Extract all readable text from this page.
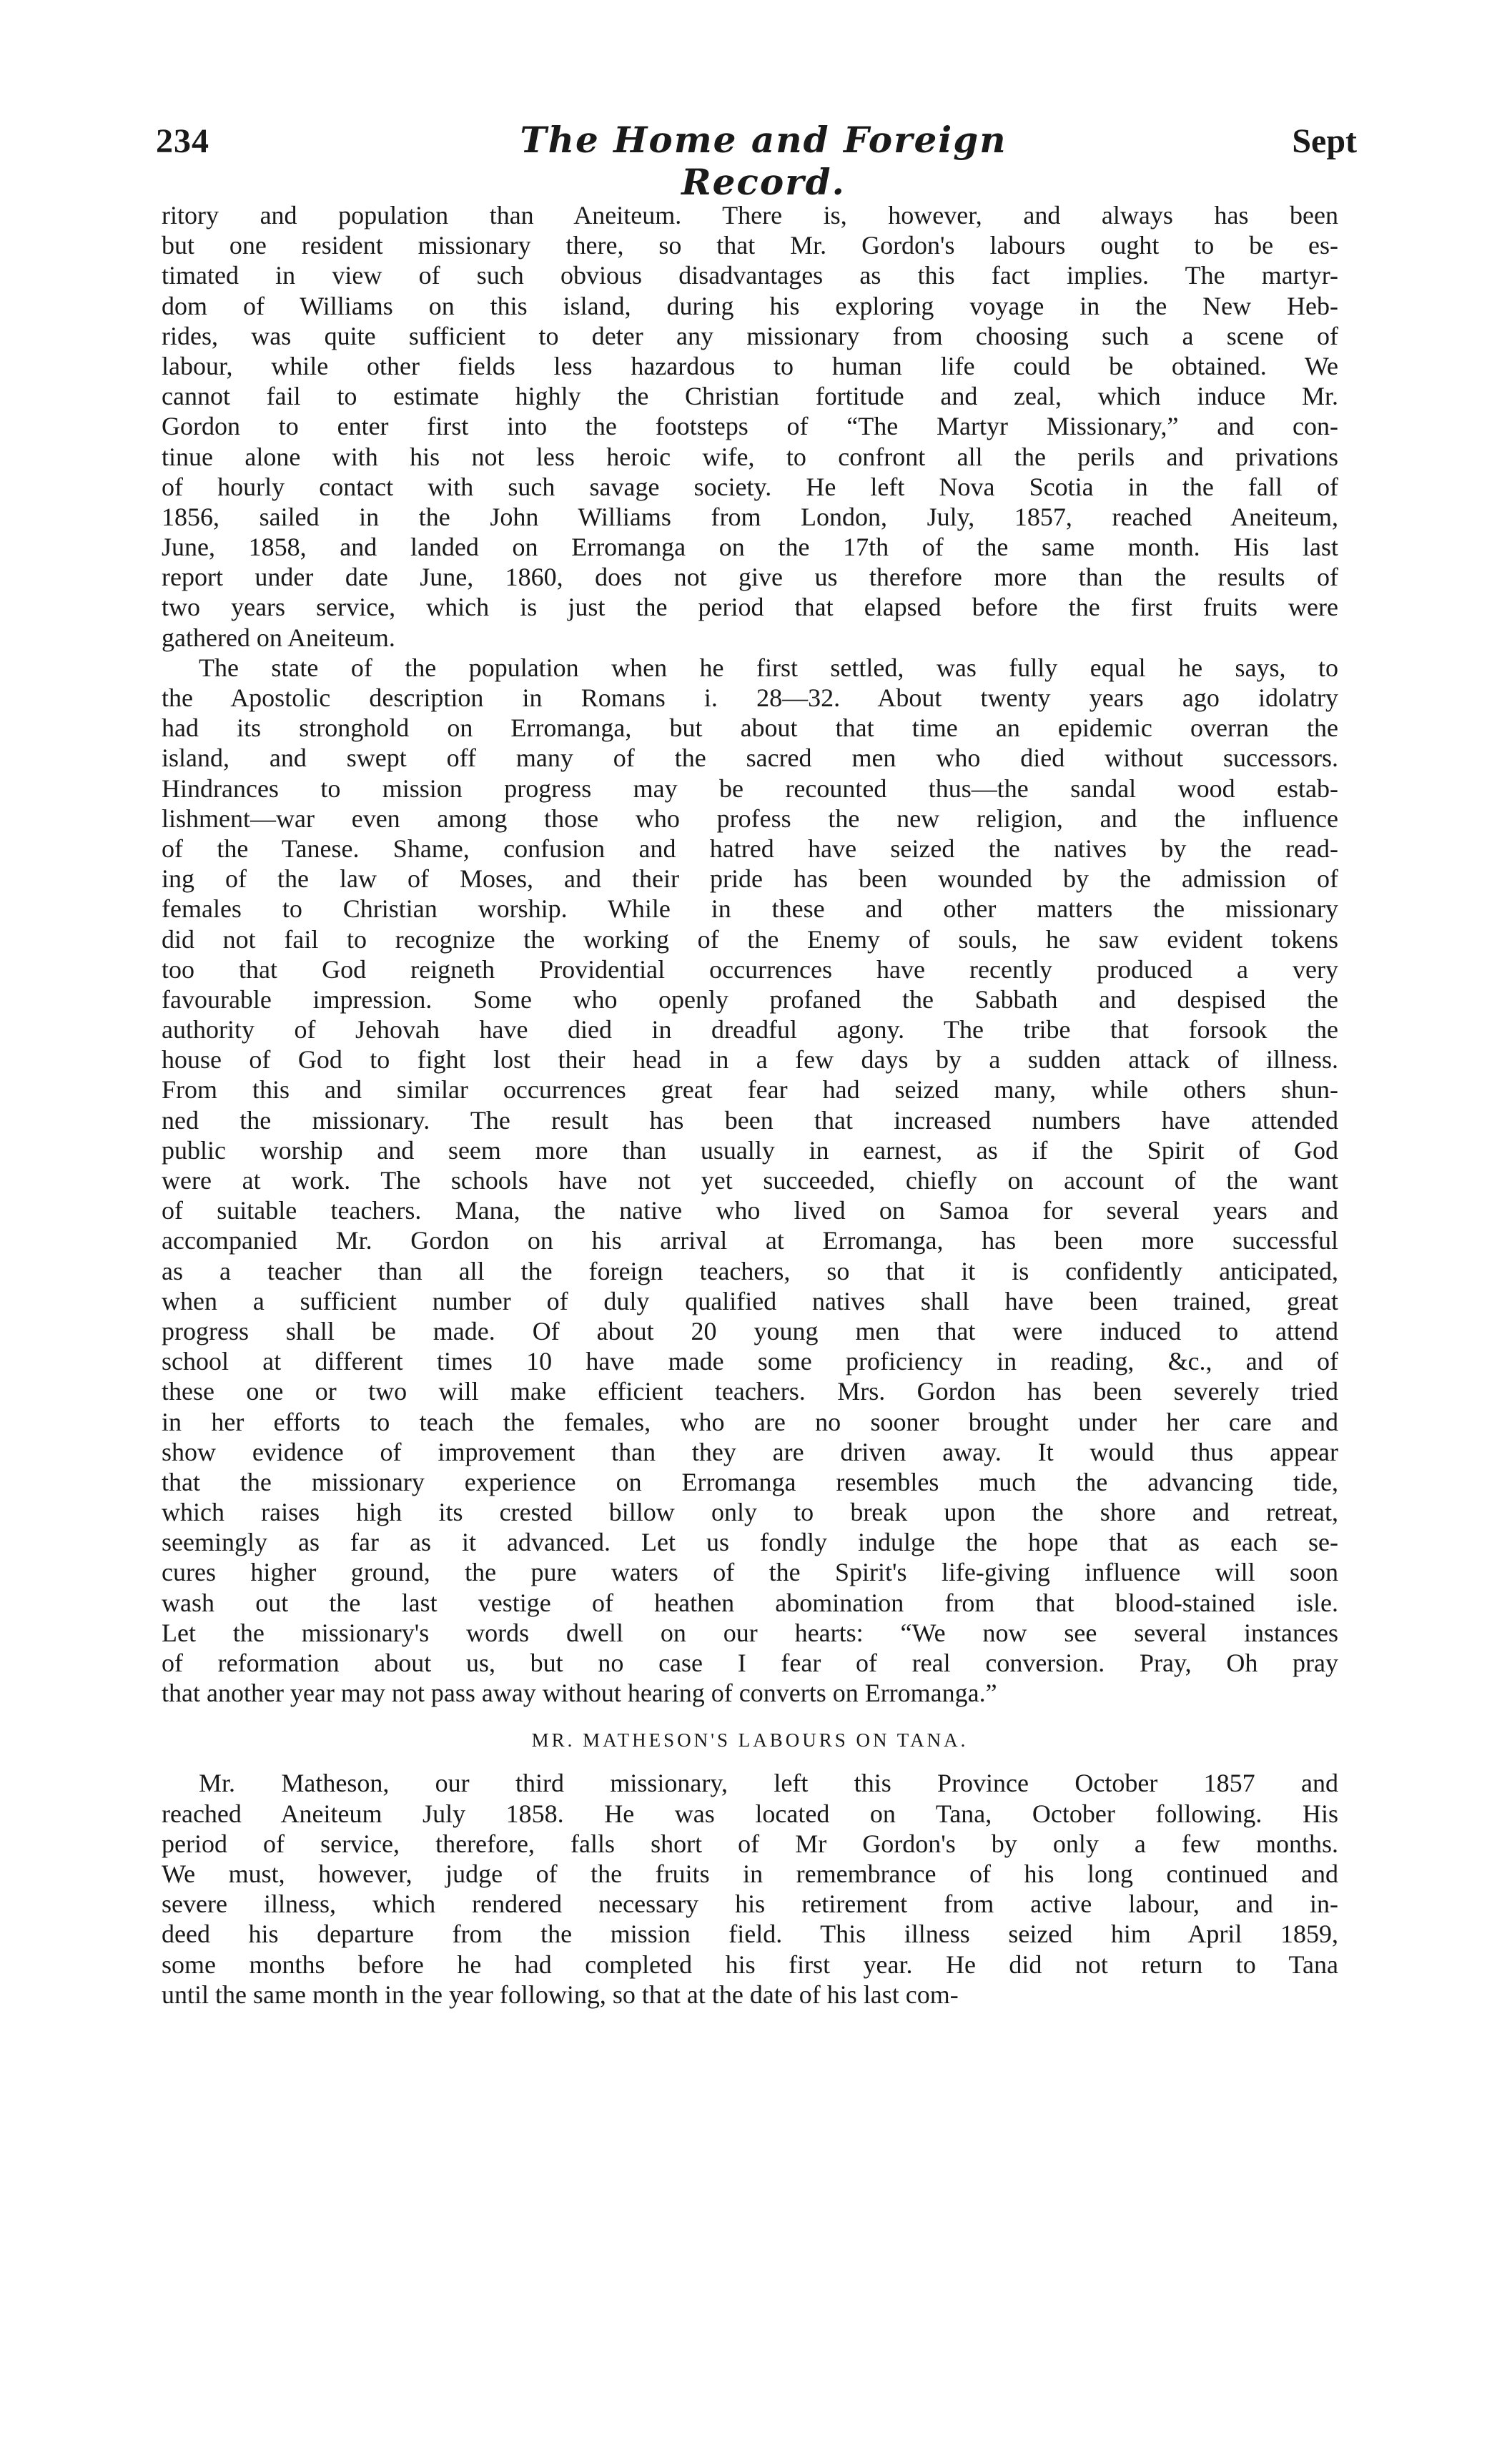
234	The Home and Foreign Record.
Sept
ritory and population than Aneiteum. There is, however, and always has been
but one resident missionary there, so that Mr. Gordon's labours ought to be es-
timated in view of such obvious disadvantages as this fact implies. The martyr-
dom of Williams on this island, during his exploring voyage in the New Heb-
rides, was quite sufficient to deter any missionary from choosing such a scene of
labour, while other fields less hazardous to human life could be obtained. We
cannot fail to estimate highly the Christian fortitude and zeal, which induce Mr.
Gordon to enter first into the footsteps of “The Martyr Missionary,” and con-
tinue alone with his not less heroic wife, to confront all the perils and privations
of hourly contact with such savage society. He left Nova Scotia in the fall of
1856, sailed in the John Williams from London, July, 1857, reached Aneiteum,
June, 1858, and landed on Erromanga on the 17th of the same month. His last
report under date June, 1860, does not give us therefore more than the results of
two years service, which is just the period that elapsed before the first fruits were
gathered on Aneiteum.
The state of the population when he first settled, was fully equal he says, to
the Apostolic description in Romans i. 28—32. About twenty years ago idolatry
had its stronghold on Erromanga, but about that time an epidemic overran the
island, and swept off many of the sacred men who died without successors.
Hindrances to mission progress may be recounted thus—the sandal wood estab-
lishment—war even among those who profess the new religion, and the influence
of the Tanese. Shame, confusion and hatred have seized the natives by the read-
ing of the law of Moses, and their pride has been wounded by the admission of
females to Christian worship. While in these and other matters the missionary
did not fail to recognize the working of the Enemy of souls, he saw evident tokens
too that God reigneth Providential occurrences have recently produced a very
favourable impression. Some who openly profaned the Sabbath and despised the
authority of Jehovah have died in dreadful agony. The tribe that forsook the
house of God to fight lost their head in a few days by a sudden attack of illness.
From this and similar occurrences great fear had seized many, while others shun-
ned the missionary. The result has been that increased numbers have attended
public worship and seem more than usually in earnest, as if the Spirit of God
were at work. The schools have not yet succeeded, chiefly on account of the want
of suitable teachers. Mana, the native who lived on Samoa for several years and
accompanied Mr. Gordon on his arrival at Erromanga, has been more successful
as a teacher than all the foreign teachers, so that it is confidently anticipated,
when a sufficient number of duly qualified natives shall have been trained, great
progress shall be made. Of about 20 young men that were induced to attend
school at different times 10 have made some proficiency in reading, &c., and of
these one or two will make efficient teachers. Mrs. Gordon has been severely tried
in her efforts to teach the females, who are no sooner brought under her care and
show evidence of improvement than they are driven away. It would thus appear
that the missionary experience on Erromanga resembles much the advancing tide,
which raises high its crested billow only to break upon the shore and retreat,
seemingly as far as it advanced. Let us fondly indulge the hope that as each se-
cures higher ground, the pure waters of the Spirit's life-giving influence will soon
wash out the last vestige of heathen abomination from that blood-stained isle.
Let the missionary's words dwell on our hearts: “We now see several instances
of reformation about us, but no case I fear of real conversion. Pray, Oh pray
that another year may not pass away without hearing of converts on Erromanga.”
MR. MATHESON'S LABOURS ON TANA.
Mr. Matheson, our third missionary, left this Province October 1857 and
reached Aneiteum July 1858. He was located on Tana, October following. His
period of service, therefore, falls short of Mr Gordon's by only a few months.
We must, however, judge of the fruits in remembrance of his long continued and
severe illness, which rendered necessary his retirement from active labour, and in-
deed his departure from the mission field. This illness seized him April 1859,
some months before he had completed his first year. He did not return to Tana
until the same month in the year following, so that at the date of his last com-
